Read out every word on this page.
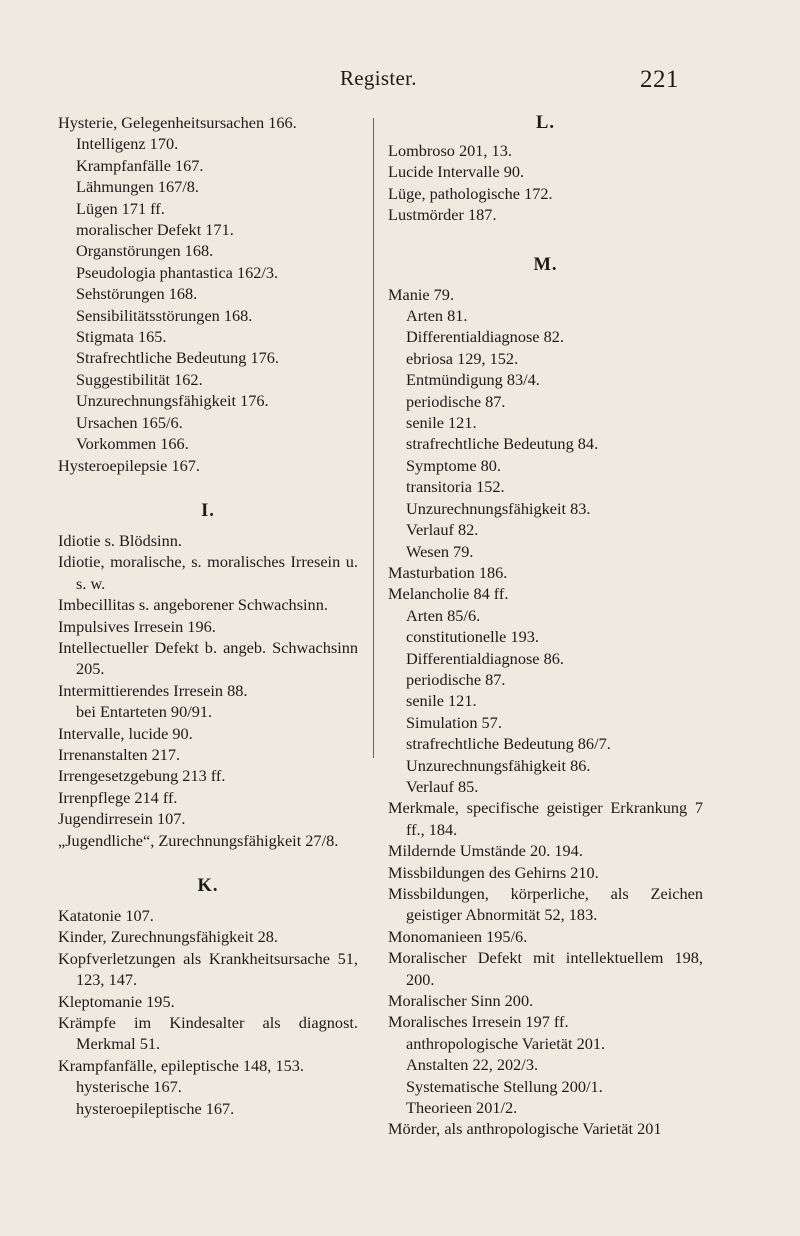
Register.	221
Hysterie, Gelegenheitsursachen 166.
Intelligenz 170.
Krampfanfälle 167.
Lähmungen 167/8.
Lügen 171 ff.
moralischer Defekt 171.
Organstörungen 168.
Pseudologia phantastica 162/3.
Sehstörungen 168.
Sensibilitätsstörungen 168.
Stigmata 165.
Strafrechtliche Bedeutung 176.
Suggestibilität 162.
Unzurechnungsfähigkeit 176.
Ursachen 165/6.
Vorkommen 166.
Hysteroepilepsie 167.
I.
Idiotie s. Blödsinn.
Idiotie, moralische, s. moralisches Irresein u. s. w.
Imbecillitas s. angeborener Schwachsinn.
Impulsives Irresein 196.
Intellectueller Defekt b. angeb. Schwachsinn 205.
Intermittierendes Irresein 88.
bei Entarteten 90/91.
Intervalle, lucide 90.
Irrenanstalten 217.
Irrengesetzgebung 213 ff.
Irrenpflege 214 ff.
Jugendirresein 107.
„Jugendliche“, Zurechnungsfähigkeit 27/8.
K.
Katatonie 107.
Kinder, Zurechnungsfähigkeit 28.
Kopfverletzungen als Krankheitsursache 51, 123, 147.
Kleptomanie 195.
Krämpfe im Kindesalter als diagnost. Merkmal 51.
Krampfanfälle, epileptische 148, 153.
hysterische 167.
hysteroepileptische 167.
L.
Lombroso 201, 13.
Lucide Intervalle 90.
Lüge, pathologische 172.
Lustmörder 187.
M.
Manie 79.
Arten 81.
Differentialdiagnose 82.
ebriosa 129, 152.
Entmündigung 83/4.
periodische 87.
senile 121.
strafrechtliche Bedeutung 84.
Symptome 80.
transitoria 152.
Unzurechnungsfähigkeit 83.
Verlauf 82.
Wesen 79.
Masturbation 186.
Melancholie 84 ff.
Arten 85/6.
constitutionelle 193.
Differentialdiagnose 86.
periodische 87.
senile 121.
Simulation 57.
strafrechtliche Bedeutung 86/7.
Unzurechnungsfähigkeit 86.
Verlauf 85.
Merkmale, specifische geistiger Erkrankung 7 ff., 184.
Mildernde Umstände 20. 194.
Missbildungen des Gehirns 210.
Missbildungen, körperliche, als Zeichen geistiger Abnormität 52, 183.
Monomanieen 195/6.
Moralischer Defekt mit intellektuellem 198, 200.
Moralischer Sinn 200.
Moralisches Irresein 197 ff.
anthropologische Varietät 201.
Anstalten 22, 202/3.
Systematische Stellung 200/1.
Theorieen 201/2.
Mörder, als anthropologische Varietät 201
